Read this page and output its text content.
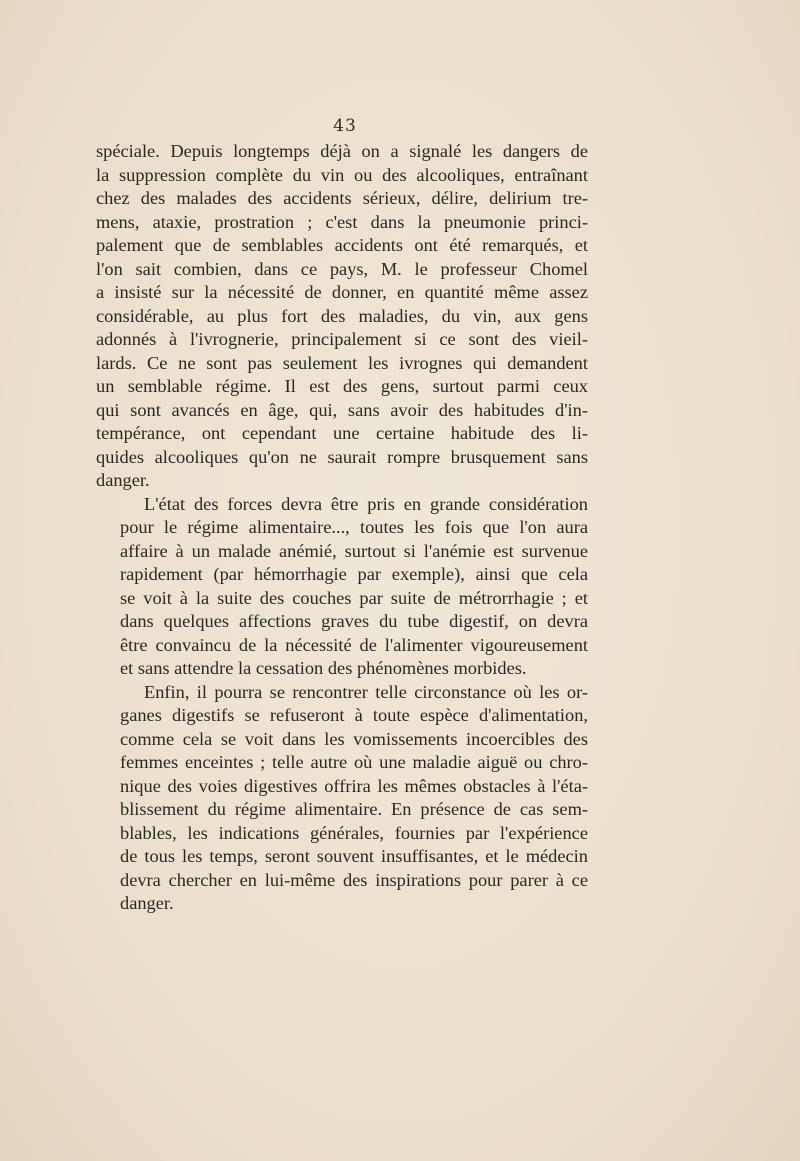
43

spéciale. Depuis longtemps déjà on a signalé les dangers de
la suppression complète du vin ou des alcooliques, entraînant
chez des malades des accidents sérieux, délire, delirium tre-
mens, ataxie, prostration ; c'est dans la pneumonie princi-
palement que de semblables accidents ont été remarqués, et
l'on sait combien, dans ce pays, M. le professeur Chomel
a insisté sur la nécessité de donner, en quantité même assez
considérable, au plus fort des maladies, du vin, aux gens
adonnés à l'ivrognerie, principalement si ce sont des vieil-
lards. Ce ne sont pas seulement les ivrognes qui demandent
un semblable régime. Il est des gens, surtout parmi ceux
qui sont avancés en âge, qui, sans avoir des habitudes d'in-
tempérance, ont cependant une certaine habitude des li-
quides alcooliques qu'on ne saurait rompre brusquement sans
danger.

L'état des forces devra être pris en grande considération
pour le régime alimentaire..., toutes les fois que l'on aura
affaire à un malade anémié, surtout si l'anémie est survenue
rapidement (par hémorrhagie par exemple), ainsi que cela
se voit à la suite des couches par suite de métrorrhagie ; et
dans quelques affections graves du tube digestif, on devra
être convaincu de la nécessité de l'alimenter vigoureusement
et sans attendre la cessation des phénomènes morbides.

Enfin, il pourra se rencontrer telle circonstance où les or-
ganes digestifs se refuseront à toute espèce d'alimentation,
comme cela se voit dans les vomissements incoercibles des
femmes enceintes ; telle autre où une maladie aiguë ou chro-
nique des voies digestives offrira les mêmes obstacles à l'éta-
blissement du régime alimentaire. En présence de cas sem-
blables, les indications générales, fournies par l'expérience
de tous les temps, seront souvent insuffisantes, et le médecin
devra chercher en lui-même des inspirations pour parer à ce
danger.
